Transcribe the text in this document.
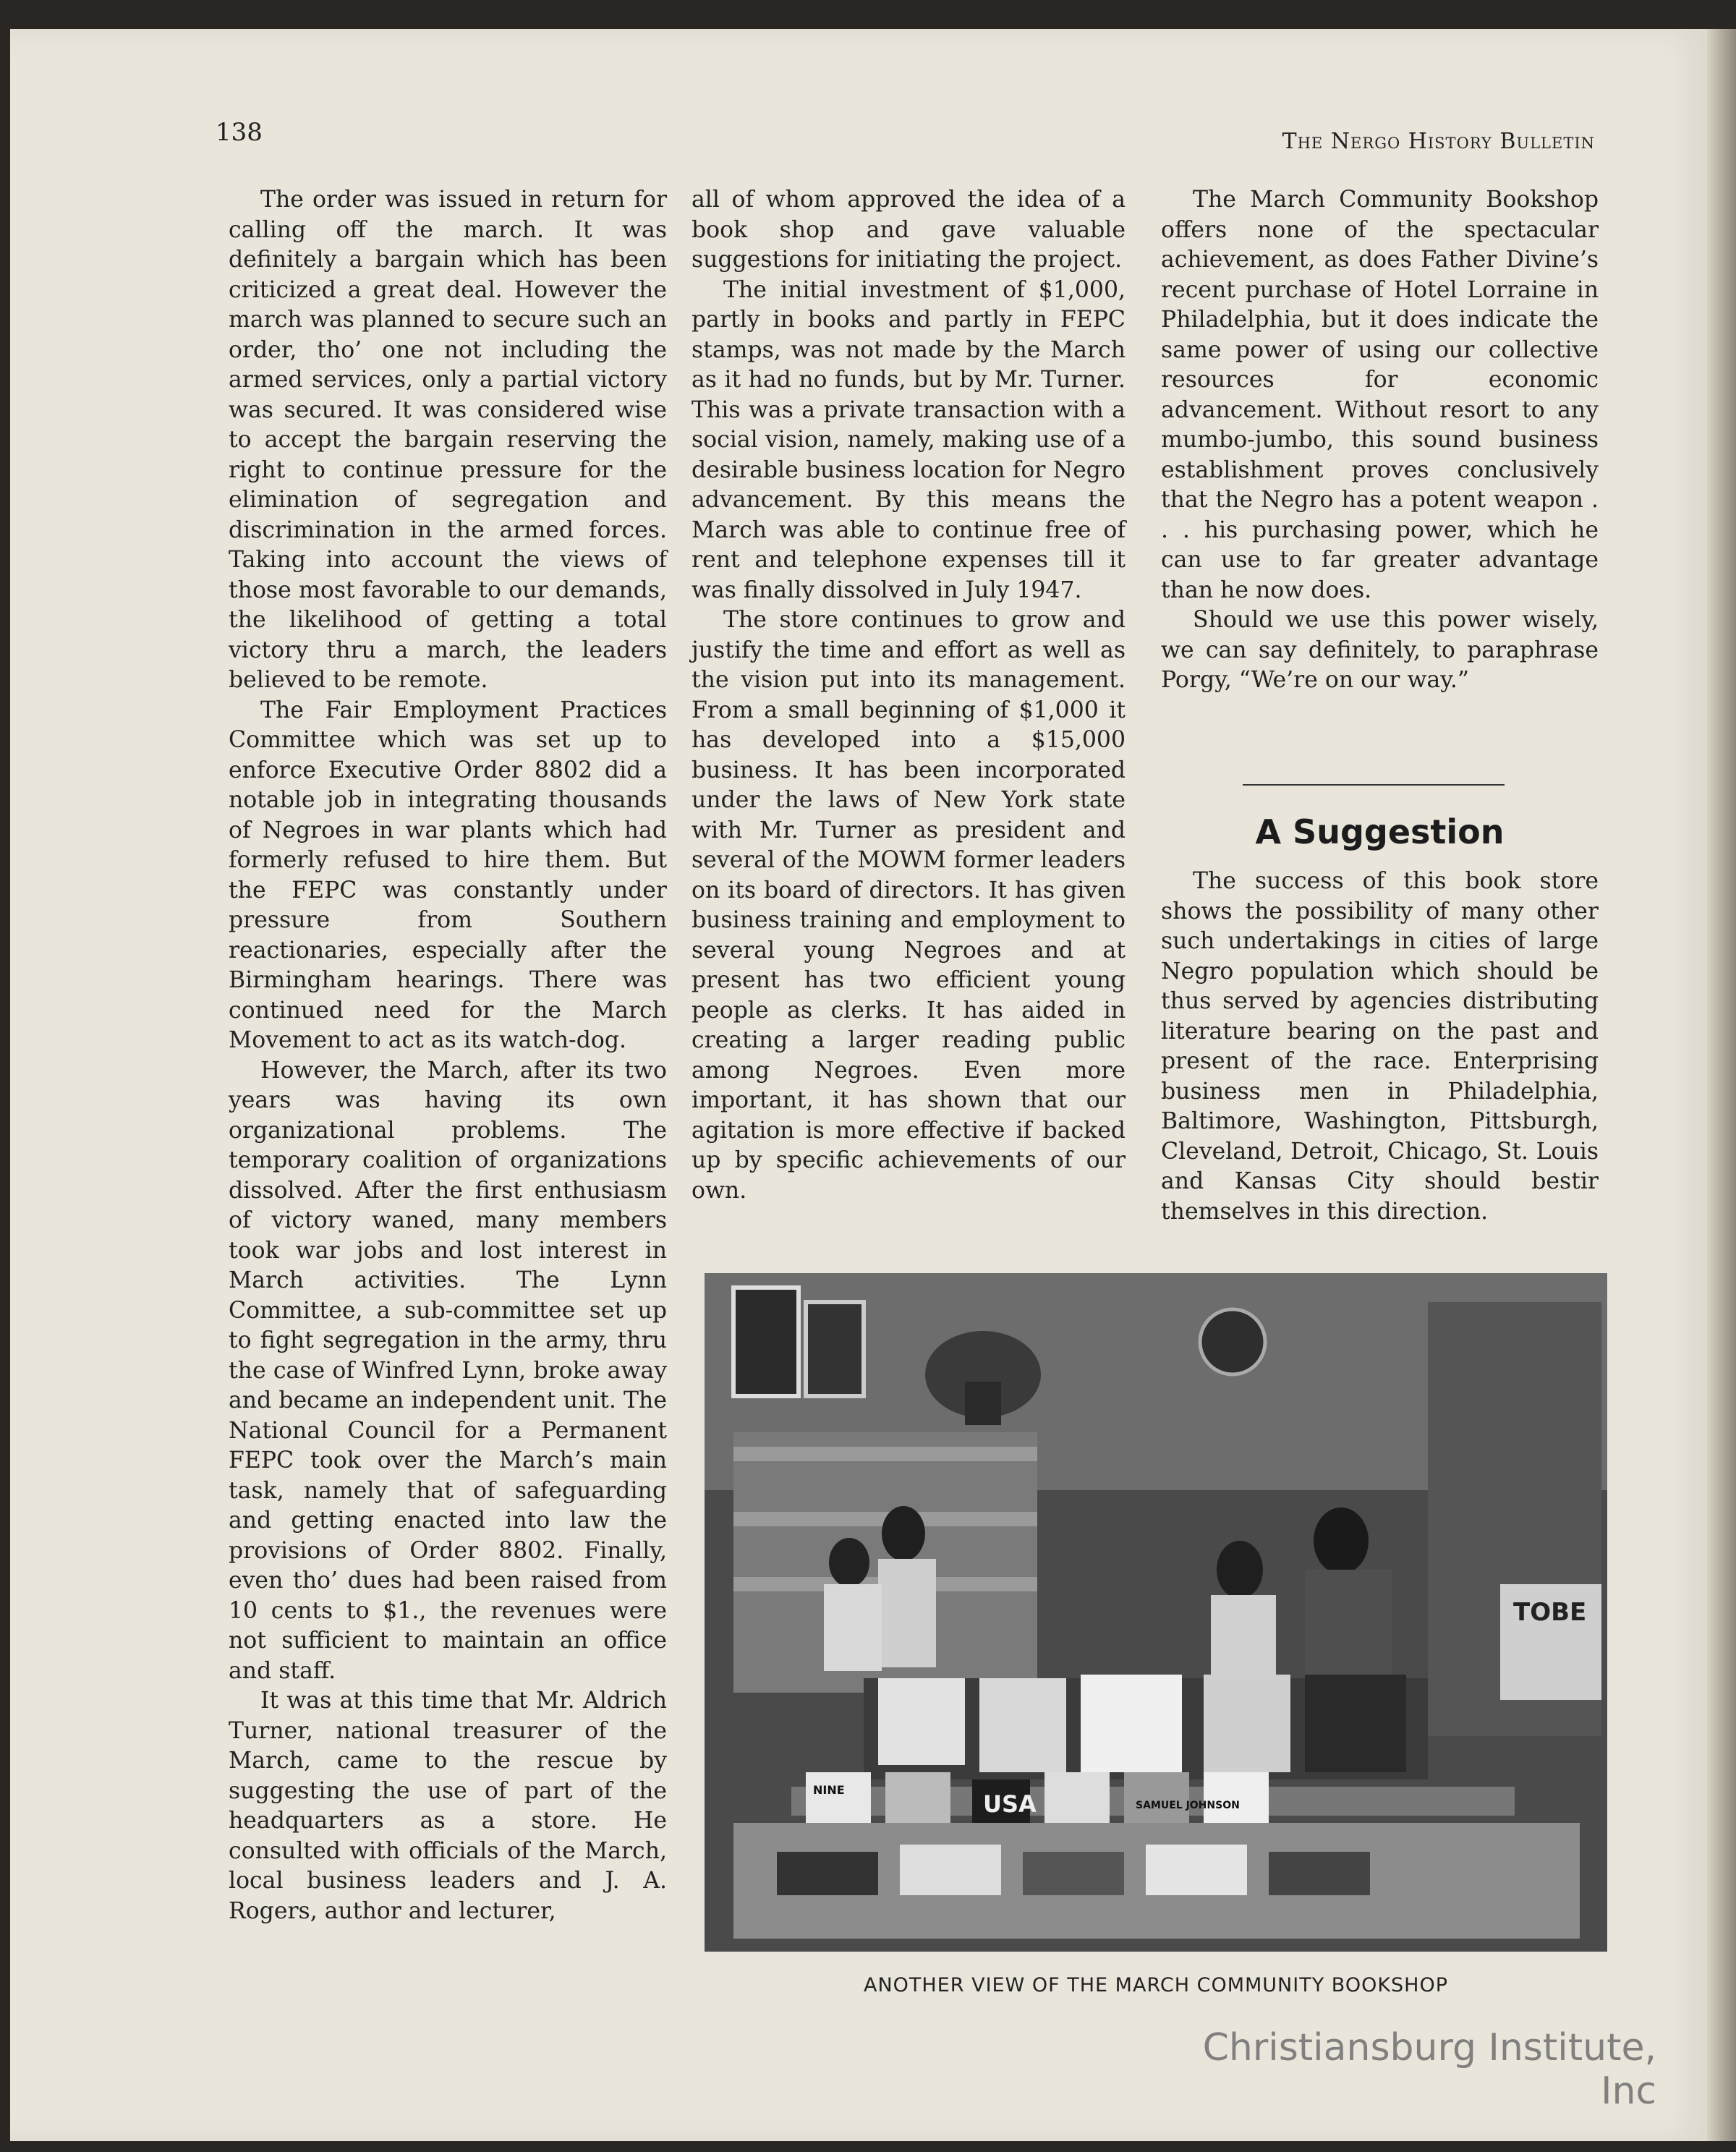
138	The Nergo History Bulletin

The order was issued in return for calling off the march. It was definitely a bargain which has been criticized a great deal. However the march was planned to secure such an order, tho’ one not including the armed services, only a partial victory was secured. It was considered wise to accept the bargain reserving the right to continue pressure for the elimination of segregation and discrimination in the armed forces. Taking into account the views of those most favorable to our demands, the likelihood of getting a total victory thru a march, the leaders believed to be remote.

The Fair Employment Practices Committee which was set up to enforce Executive Order 8802 did a notable job in integrating thousands of Negroes in war plants which had formerly refused to hire them. But the FEPC was constantly under pressure from Southern reactionaries, especially after the Birmingham hearings. There was continued need for the March Movement to act as its watch-dog.

However, the March, after its two years was having its own organizational problems. The temporary coalition of organizations dissolved. After the first enthusiasm of victory waned, many members took war jobs and lost interest in March activities. The Lynn Committee, a sub-committee set up to fight segregation in the army, thru the case of Winfred Lynn, broke away and became an independent unit. The National Council for a Permanent FEPC took over the March’s main task, namely that of safeguarding and getting enacted into law the provisions of Order 8802. Finally, even tho’ dues had been raised from 10 cents to $1., the revenues were not sufficient to maintain an office and staff.

It was at this time that Mr. Aldrich Turner, national treasurer of the March, came to the rescue by suggesting the use of part of the headquarters as a store. He consulted with officials of the March, local business leaders and J. A. Rogers, author and lecturer,

all of whom approved the idea of a book shop and gave valuable suggestions for initiating the project.

The initial investment of $1,000, partly in books and partly in FEPC stamps, was not made by the March as it had no funds, but by Mr. Turner. This was a private transaction with a social vision, namely, making use of a desirable business location for Negro advancement. By this means the March was able to continue free of rent and telephone expenses till it was finally dissolved in July 1947.

The store continues to grow and justify the time and effort as well as the vision put into its management. From a small beginning of $1,000 it has developed into a $15,000 business. It has been incorporated under the laws of New York state with Mr. Turner as president and several of the MOWM former leaders on its board of directors. It has given business training and employment to several young Negroes and at present has two efficient young people as clerks. It has aided in creating a larger reading public among Negroes. Even more important, it has shown that our agitation is more effective if backed up by specific achievements of our own.

The March Community Bookshop offers none of the spectacular achievement, as does Father Divine’s recent purchase of Hotel Lorraine in Philadelphia, but it does indicate the same power of using our collective resources for economic advancement. Without resort to any mumbo-jumbo, this sound business establishment proves conclusively that the Negro has a potent weapon . . . his purchasing power, which he can use to far greater advantage than he now does.

Should we use this power wisely, we can say definitely, to paraphrase Porgy, “We’re on our way.”

A Suggestion

The success of this book store shows the possibility of many other such undertakings in cities of large Negro population which should be thus served by agencies distributing literature bearing on the past and present of the race. Enterprising business men in Philadelphia, Baltimore, Washington, Pittsburgh, Cleveland, Detroit, Chicago, St. Louis and Kansas City should bestir themselves in this direction.

TOBE
USA	SAMUEL JOHNSON
NINE
ANOTHER VIEW OF THE MARCH COMMUNITY BOOKSHOP
Christiansburg Institute, Inc
